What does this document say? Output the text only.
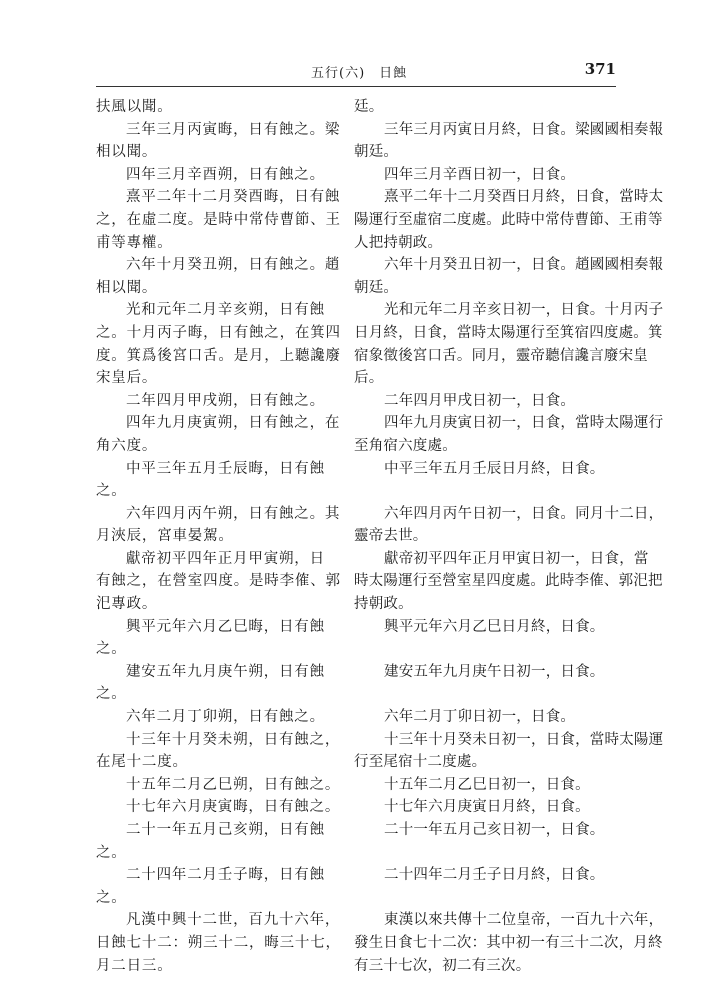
五行(六)　日蝕	371
扶風以聞。
三年三月丙寅晦，日有蝕之。梁
相以聞。
四年三月辛酉朔，日有蝕之。
熹平二年十二月癸酉晦，日有蝕
之，在虛二度。是時中常侍曹節、王
甫等專權。
六年十月癸丑朔，日有蝕之。趙
相以聞。
光和元年二月辛亥朔，日有蝕
之。十月丙子晦，日有蝕之，在箕四
度。箕爲後宮口舌。是月，上聽讒廢
宋皇后。
二年四月甲戌朔，日有蝕之。
四年九月庚寅朔，日有蝕之，在
角六度。
中平三年五月壬辰晦，日有蝕
之。
六年四月丙午朔，日有蝕之。其
月浹辰，宮車晏駕。
獻帝初平四年正月甲寅朔，日
有蝕之，在營室四度。是時李傕、郭
汜專政。
興平元年六月乙巳晦，日有蝕
之。
建安五年九月庚午朔，日有蝕
之。
六年二月丁卯朔，日有蝕之。
十三年十月癸未朔，日有蝕之，
在尾十二度。
十五年二月乙巳朔，日有蝕之。
十七年六月庚寅晦，日有蝕之。
二十一年五月己亥朔，日有蝕
之。
二十四年二月壬子晦，日有蝕
之。
凡漢中興十二世，百九十六年，
日蝕七十二：朔三十二，晦三十七，
月二日三。
廷。
三年三月丙寅日月終，日食。梁國國相奏報
朝廷。
四年三月辛酉日初一，日食。
熹平二年十二月癸酉日月終，日食，當時太
陽運行至虛宿二度處。此時中常侍曹節、王甫等
人把持朝政。
六年十月癸丑日初一，日食。趙國國相奏報
朝廷。
光和元年二月辛亥日初一，日食。十月丙子
日月終，日食，當時太陽運行至箕宿四度處。箕
宿象徵後宮口舌。同月，靈帝聽信讒言廢宋皇
后。
二年四月甲戌日初一，日食。
四年九月庚寅日初一，日食，當時太陽運行
至角宿六度處。
中平三年五月壬辰日月終，日食。
六年四月丙午日初一，日食。同月十二日，
靈帝去世。
獻帝初平四年正月甲寅日初一，日食，當
時太陽運行至營室星四度處。此時李傕、郭汜把
持朝政。
興平元年六月乙巳日月終，日食。
建安五年九月庚午日初一，日食。
六年二月丁卯日初一，日食。
十三年十月癸未日初一，日食，當時太陽運
行至尾宿十二度處。
十五年二月乙巳日初一，日食。
十七年六月庚寅日月終，日食。
二十一年五月己亥日初一，日食。
二十四年二月壬子日月終，日食。
東漢以來共傳十二位皇帝，一百九十六年，
發生日食七十二次：其中初一有三十二次，月終
有三十七次，初二有三次。
